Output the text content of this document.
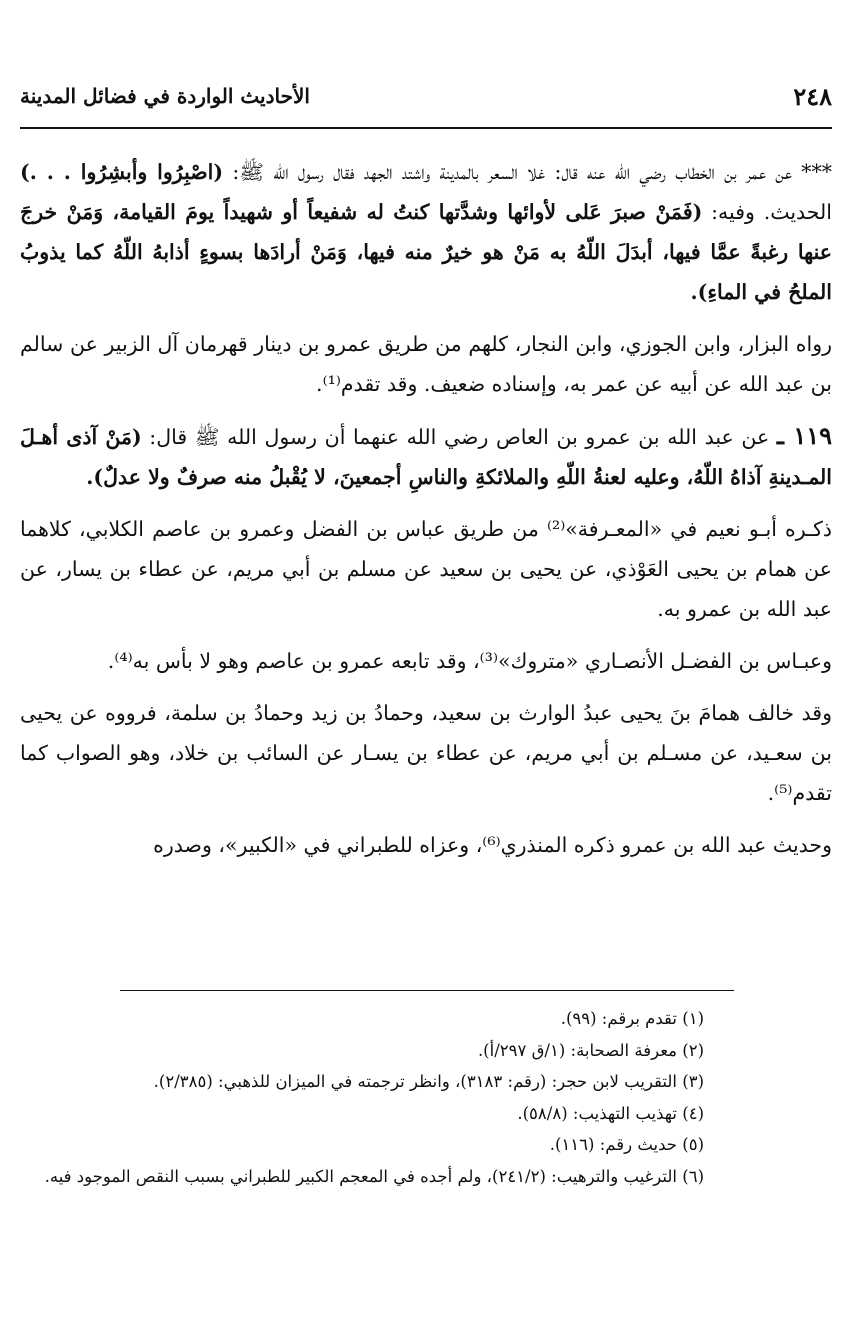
٢٤٨
الأحاديث الواردة في فضائل المدينة

*** عن عمر بن الخطاب رضي الله عنه قال: غلا السعر بالمدينة واشتد الجهد فقال رسول الله ﷺ: (اصْبِرُوا وأبشِرُوا . . .) الحديث. وفيه: (فَمَنْ صبرَ عَلى لأوائها وشدَّتها كنتُ له شفيعاً أو شهيداً يومَ القيامة، وَمَنْ خرجَ عنها رغبةً عمَّا فيها، أبدَلَ اللّهُ به مَنْ هو خيرٌ منه فيها، وَمَنْ أرادَها بسوءٍ أذابهُ اللّهُ كما يذوبُ الملحُ في الماءِ).

رواه البزار، وابن الجوزي، وابن النجار، كلهم من طريق عمرو بن دينار قهرمان آل الزبير عن سالم بن عبد الله عن أبيه عن عمر به، وإسناده ضعيف. وقد تقدم⁽¹⁾.

١١٩ ـ عن عبد الله بن عمرو بن العاص رضي الله عنهما أن رسول الله ﷺ قال: (مَنْ آذى أهـلَ المـدينةِ آذاهُ اللّهُ، وعليه لعنةُ اللّهِ والملائكةِ والناسِ أجمعينَ، لا يُقْبلُ منه صرفٌ ولا عدلٌ).

ذكـره أبـو نعيم في «المعـرفة»⁽²⁾ من طريق عباس بن الفضل وعمرو بن عاصم الكلابي، كلاهما عن همام بن يحيى العَوْذي، عن يحيى بن سعيد عن مسلم بن أبي مريم، عن عطاء بن يسار، عن عبد الله بن عمرو به.

وعبـاس بن الفضـل الأنصـاري «متروك»⁽³⁾، وقد تابعه عمرو بن عاصم وهو لا بأس به⁽⁴⁾.

وقد خالف همامَ بنَ يحيى عبدُ الوارث بن سعيد، وحمادُ بن زيد وحمادُ بن سلمة، فرووه عن يحيى بن سعـيد، عن مسـلم بن أبي مريم، عن عطاء بن يسـار عن السائب بن خلاد، وهو الصواب كما تقدم⁽⁵⁾.

وحديث عبد الله بن عمرو ذكره المنذري⁽⁶⁾، وعزاه للطبراني في «الكبير»، وصدره

(١) تقدم برقم: (٩٩).

(٢) معرفة الصحابة: (١/ق ٢٩٧/أ).

(٣) التقريب لابن حجر: (رقم: ٣١٨٣)، وانظر ترجمته في الميزان للذهبي: (٢/٣٨٥).

(٤) تهذيب التهذيب: (٥٨/٨).

(٥) حديث رقم: (١١٦).

(٦) الترغيب والترهيب: (٢٤١/٢)، ولم أجده في المعجم الكبير للطبراني بسبب النقص الموجود فيه.
